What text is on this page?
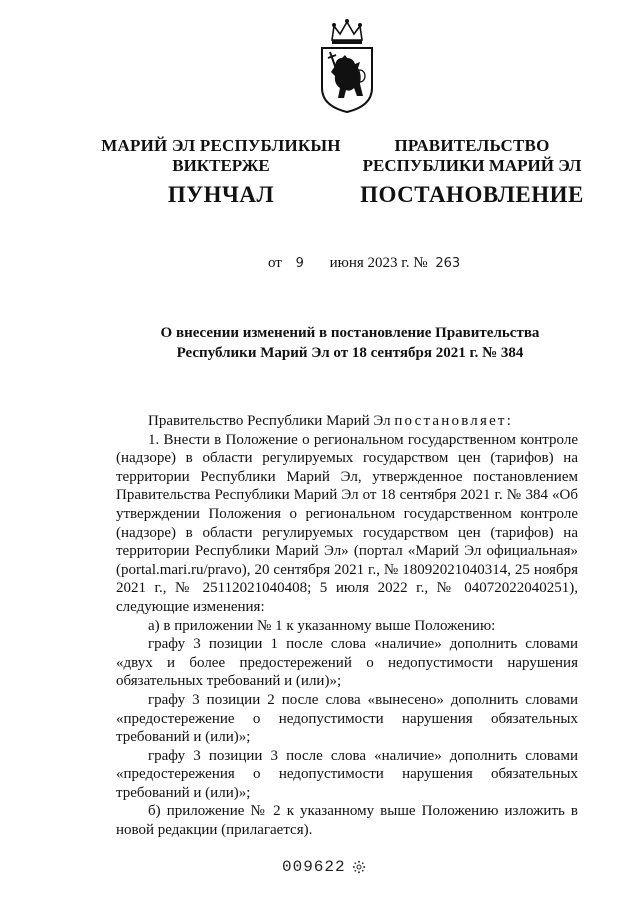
МАРИЙ ЭЛ РЕСПУБЛИКЫН
ВИКТЕРЖЕ
ПУНЧАЛ
ПРАВИТЕЛЬСТВО
РЕСПУБЛИКИ МАРИЙ ЭЛ
ПОСТАНОВЛЕНИЕ
от 9 июня 2023 г. № 263
О внесении изменений в постановление Правительства
Республики Марий Эл от 18 сентября 2021 г. № 384

Правительство Республики Марий Эл постановляет:

1. Внести в Положение о региональном государственном контроле (надзоре) в области регулируемых государством цен (тарифов) на территории Республики Марий Эл, утвержденное постановлением Правительства Республики Марий Эл от 18 сентября 2021 г. № 384 «Об утверждении Положения о региональном государственном контроле (надзоре) в области регулируемых государством цен (тарифов) на территории Республики Марий Эл» (портал «Марий Эл официальная» (portal.mari.ru/pravo), 20 сентября 2021 г., № 18092021040314, 25 ноября 2021 г., № 25112021040408; 5 июля 2022 г., № 04072022040251), следующие изменения:

а) в приложении № 1 к указанному выше Положению:

графу 3 позиции 1 после слова «наличие» дополнить словами «двух и более предостережений о недопустимости нарушения обязательных требований и (или)»;

графу 3 позиции 2 после слова «вынесено» дополнить словами «предостережение о недопустимости нарушения обязательных требований и (или)»;

графу 3 позиции 3 после слова «наличие» дополнить словами «предостережения о недопустимости нарушения обязательных требований и (или)»;

б) приложение № 2 к указанному выше Положению изложить в новой редакции (прилагается).

009622
